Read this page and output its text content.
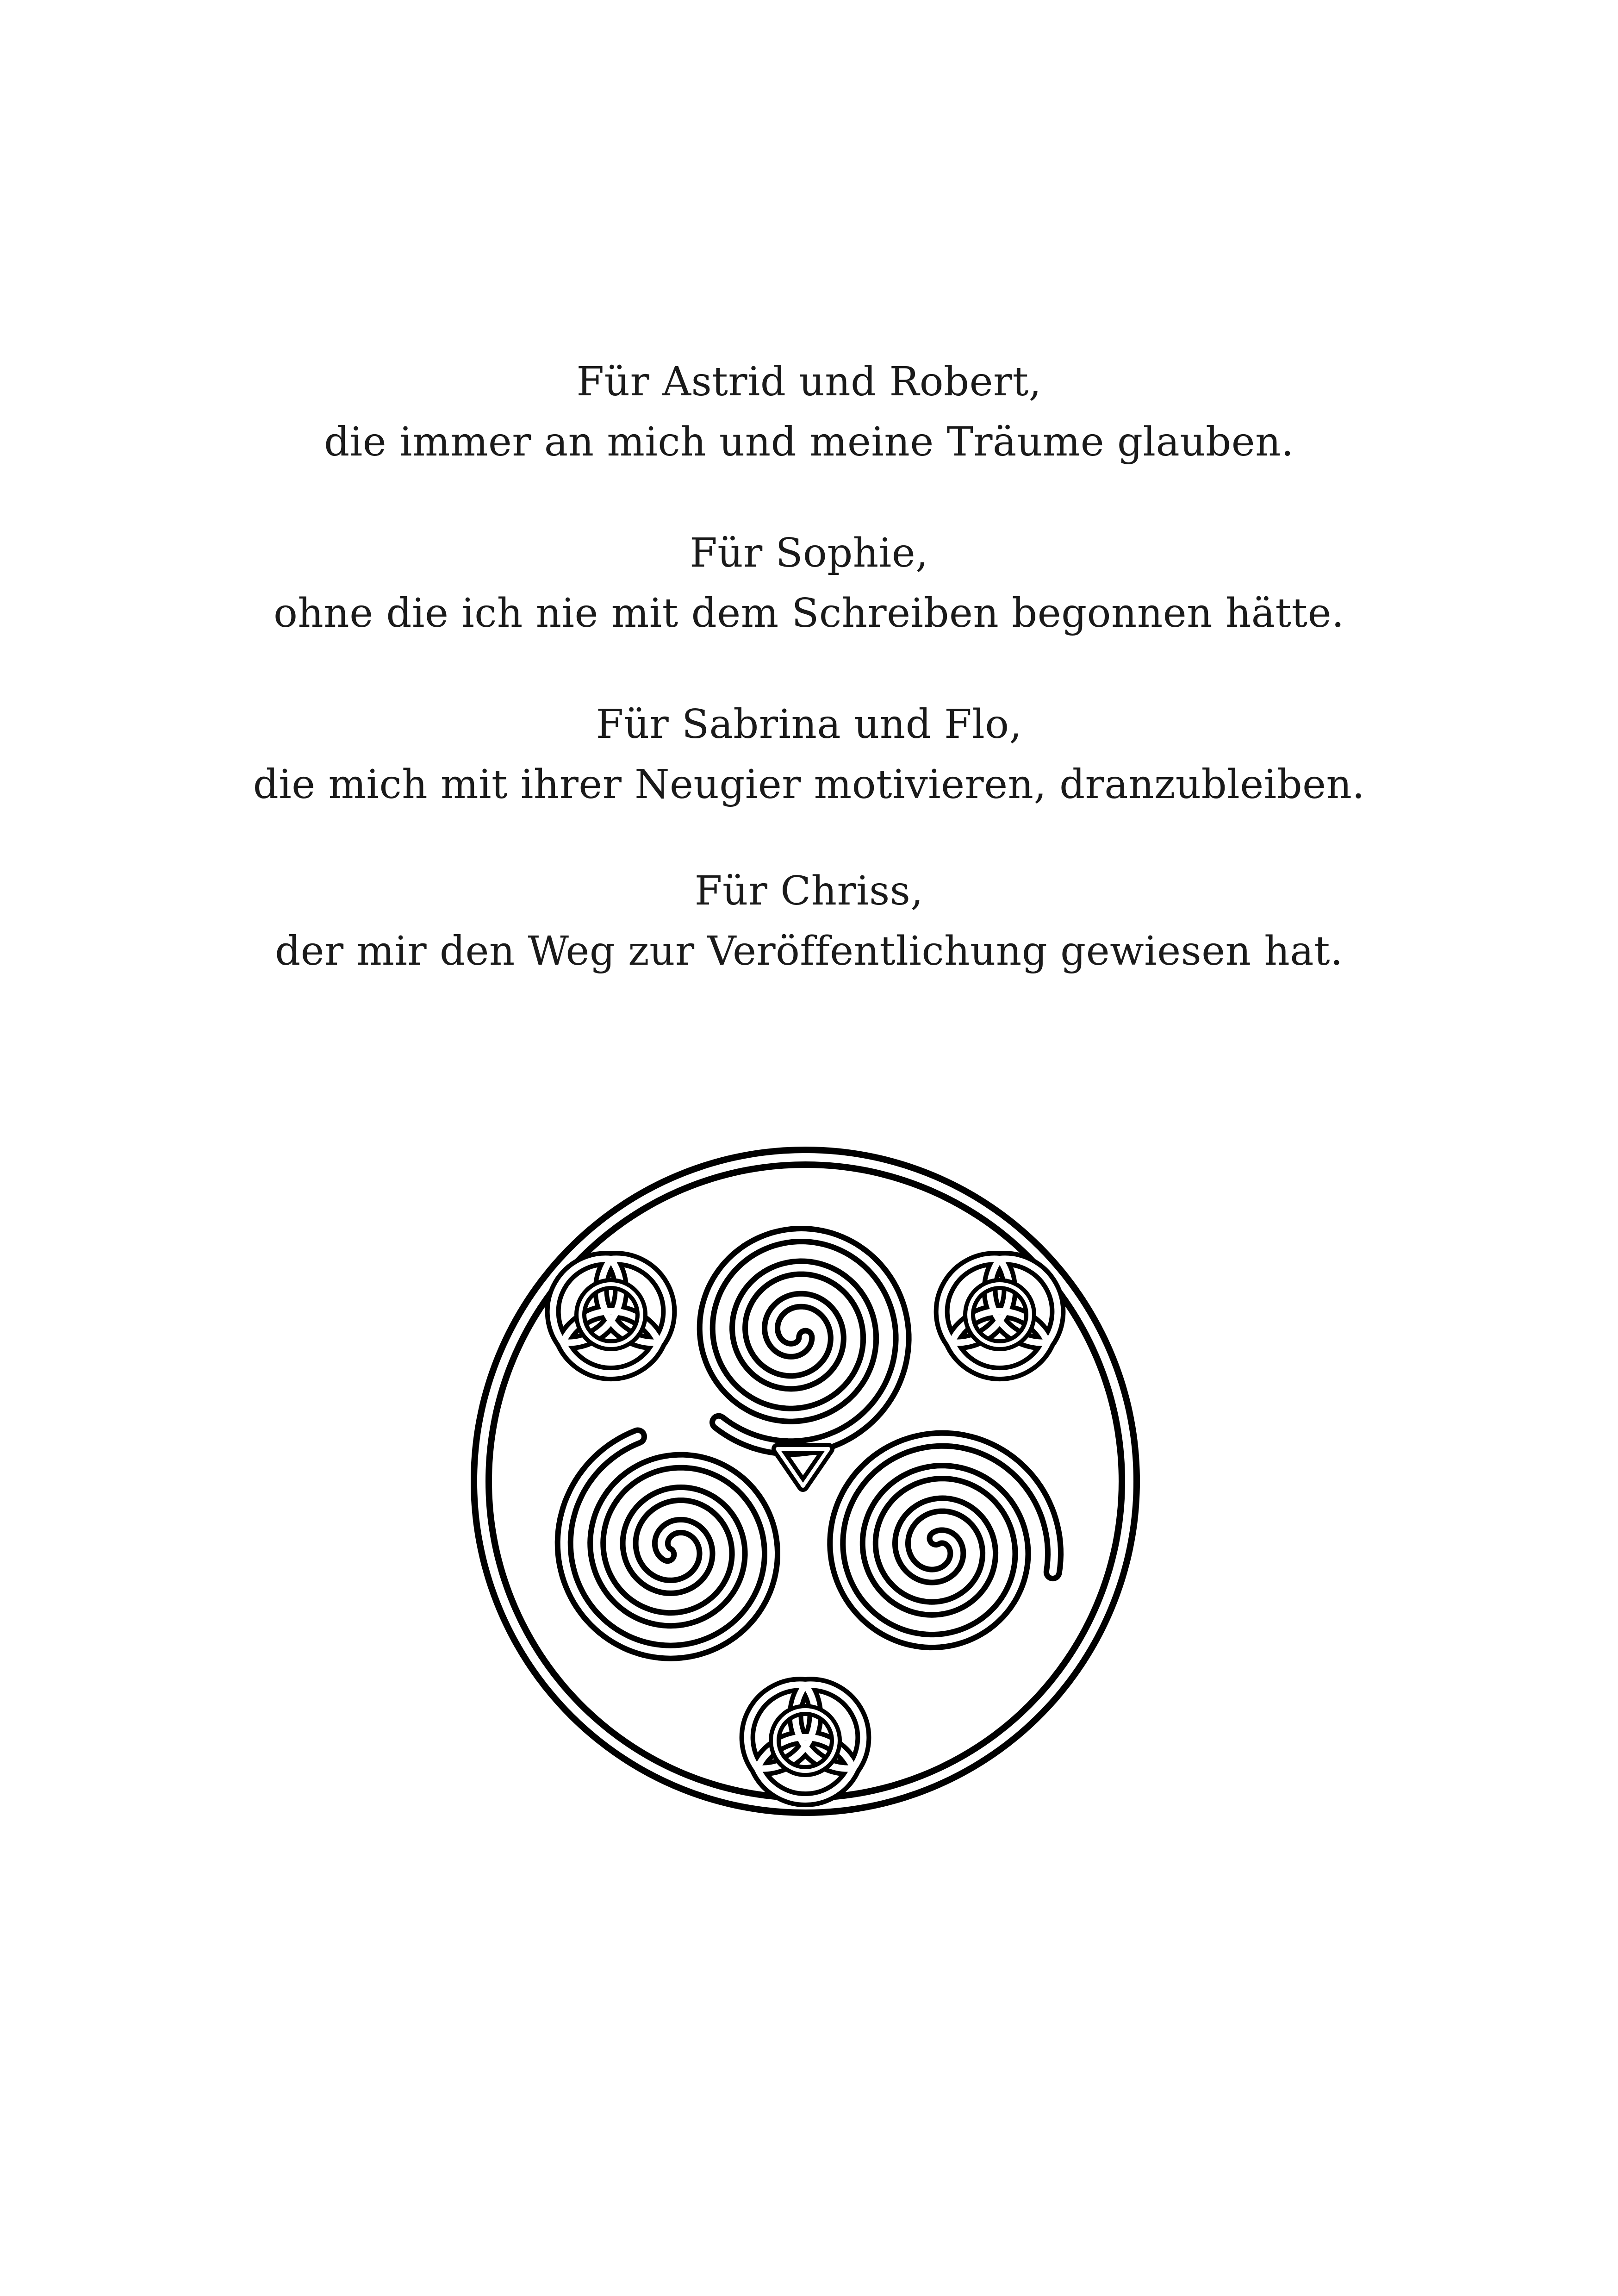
Für Astrid und Robert,
die immer an mich und meine Träume glauben.
Für Sophie,
ohne die ich nie mit dem Schreiben begonnen hätte.
Für Sabrina und Flo,
die mich mit ihrer Neugier motivieren, dranzubleiben.
Für Chriss,
der mir den Weg zur Veröffentlichung gewiesen hat.
